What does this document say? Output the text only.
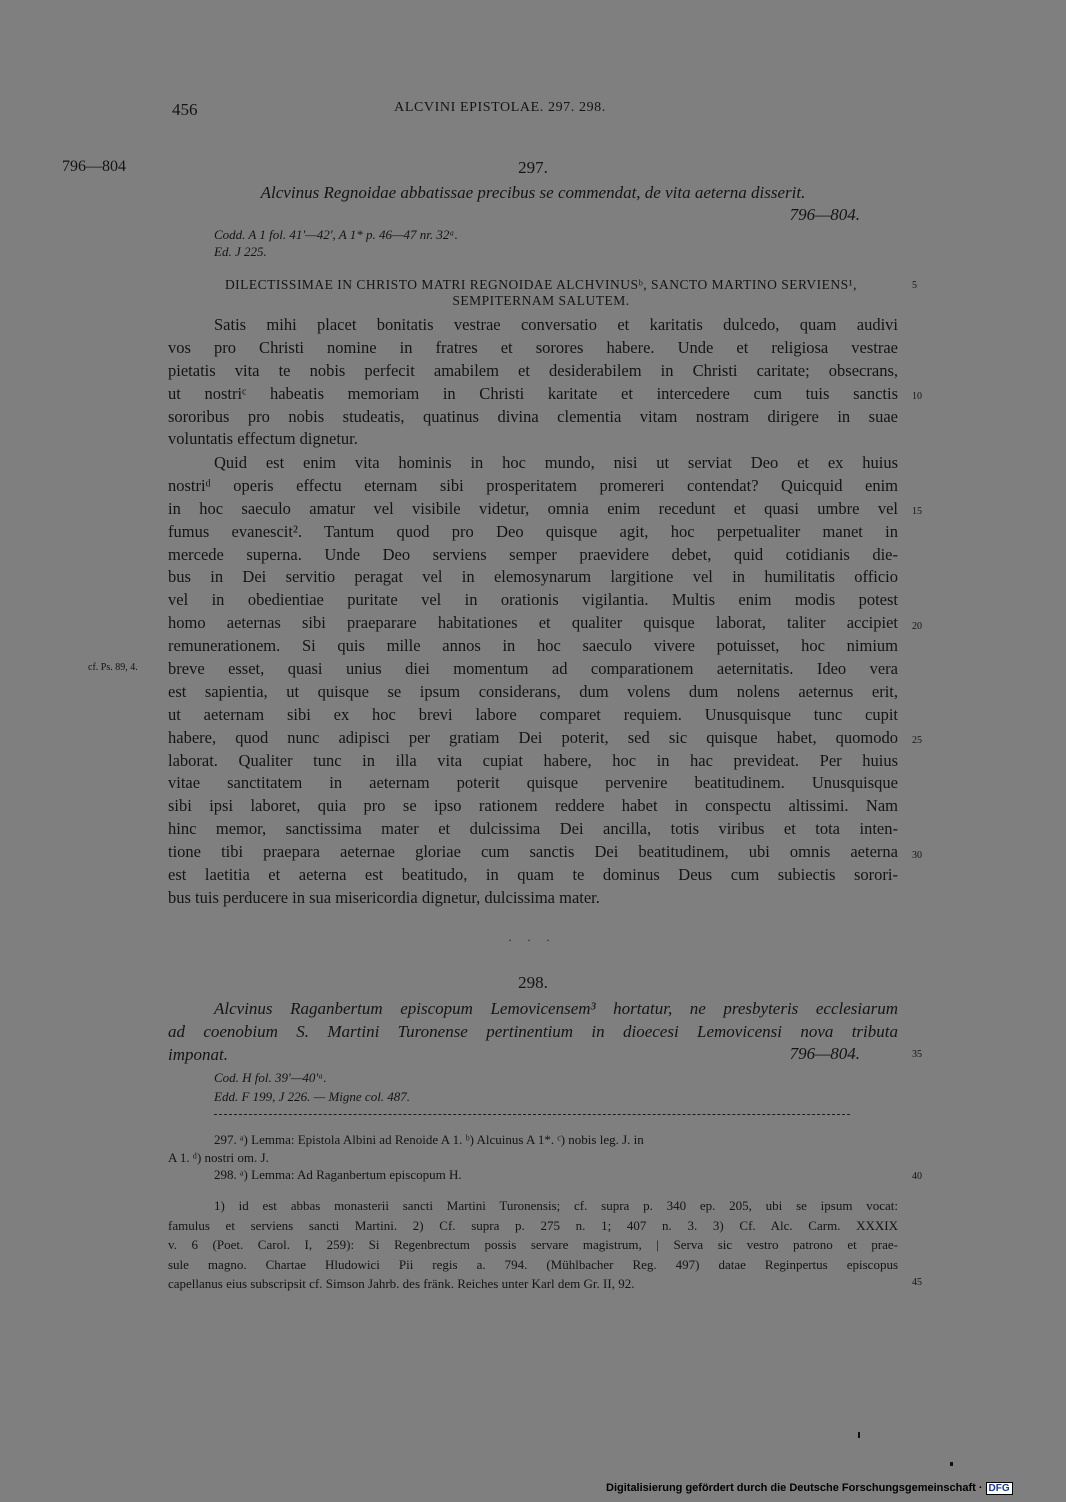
456	ALCVINI EPISTOLAE. 297. 298.
796—804	297.
Alcvinus Regnoidae abbatissae precibus se commendat, de vita aeterna disserit.
796—804.
Codd. A 1 fol. 41'—42', A 1* p. 46—47 nr. 32ᵃ.
Ed. J 225.
DILECTISSIMAE IN CHRISTO MATRI REGNOIDAE ALCHVINUSᵇ, SANCTO MARTINO SERVIENS¹,
SEMPITERNAM SALUTEM.
Satis mihi placet bonitatis vestrae conversatio et karitatis dulcedo, quam audivi
vos pro Christi nomine in fratres et sorores habere. Unde et religiosa vestrae
pietatis vita te nobis perfecit amabilem et desiderabilem in Christi caritate; obsecrans,
ut nostriᶜ habeatis memoriam in Christi karitate et intercedere cum tuis sanctis
sororibus pro nobis studeatis, quatinus divina clementia vitam nostram dirigere in suae
voluntatis effectum dignetur.
Quid est enim vita hominis in hoc mundo, nisi ut serviat Deo et ex huius
nostriᵈ operis effectu eternam sibi prosperitatem promereri contendat? Quicquid enim
in hoc saeculo amatur vel visibile videtur, omnia enim recedunt et quasi umbre vel
fumus evanescit². Tantum quod pro Deo quisque agit, hoc perpetualiter manet in
mercede superna. Unde Deo serviens semper praevidere debet, quid cotidianis die-
bus in Dei servitio peragat vel in elemosynarum largitione vel in humilitatis officio
vel in obedientiae puritate vel in orationis vigilantia. Multis enim modis potest
homo aeternas sibi praeparare habitationes et qualiter quisque laborat, taliter accipiet
remunerationem. Si quis mille annos in hoc saeculo vivere potuisset, hoc nimium
breve esset, quasi unius diei momentum ad comparationem aeternitatis. Ideo vera
est sapientia, ut quisque se ipsum considerans, dum volens dum nolens aeternus erit,
ut aeternam sibi ex hoc brevi labore comparet requiem. Unusquisque tunc cupit
habere, quod nunc adipisci per gratiam Dei poterit, sed sic quisque habet, quomodo
laborat. Qualiter tunc in illa vita cupiat habere, hoc in hac prevideat. Per huius
vitae sanctitatem in aeternam poterit quisque pervenire beatitudinem. Unusquisque
sibi ipsi laboret, quia pro se ipso rationem reddere habet in conspectu altissimi. Nam
hinc memor, sanctissima mater et dulcissima Dei ancilla, totis viribus et tota inten-
tione tibi praepara aeternae gloriae cum sanctis Dei beatitudinem, ubi omnis aeterna
est laetitia et aeterna est beatitudo, in quam te dominus Deus cum subiectis sorori-
bus tuis perducere in sua misericordia dignetur, dulcissima mater.
cf. Ps. 89, 4.
5
10
15
20
25
30
35
40
45
· · ·
298.
Alcvinus Raganbertum episcopum Lemovicensem³ hortatur, ne presbyteris ecclesiarum
ad coenobium S. Martini Turonense pertinentium in dioecesi Lemovicensi nova tributa
imponat.	796—804.
Cod. H fol. 39'—40'ᵃ.
Edd. F 199, J 226. — Migne col. 487.
297. ᵃ) Lemma: Epistola Albini ad Renoide A 1. ᵇ) Alcuinus A 1*. ᶜ) nobis leg. J. in
A 1. ᵈ) nostri om. J.
298. ᵃ) Lemma: Ad Raganbertum episcopum H.
1) id est abbas monasterii sancti Martini Turonensis; cf. supra p. 340 ep. 205, ubi se ipsum vocat:
famulus et serviens sancti Martini. 2) Cf. supra p. 275 n. 1; 407 n. 3. 3) Cf. Alc. Carm. XXXIX
v. 6 (Poet. Carol. I, 259): Si Regenbrectum possis servare magistrum, | Serva sic vestro patrono et prae-
sule magno. Chartae Hludowici Pii regis a. 794. (Mühlbacher Reg. 497) datae Reginpertus episcopus
capellanus eius subscripsit cf. Simson Jahrb. des fränk. Reiches unter Karl dem Gr. II, 92.
Digitalisierung gefördert durch die Deutsche Forschungsgemeinschaft · DFG
